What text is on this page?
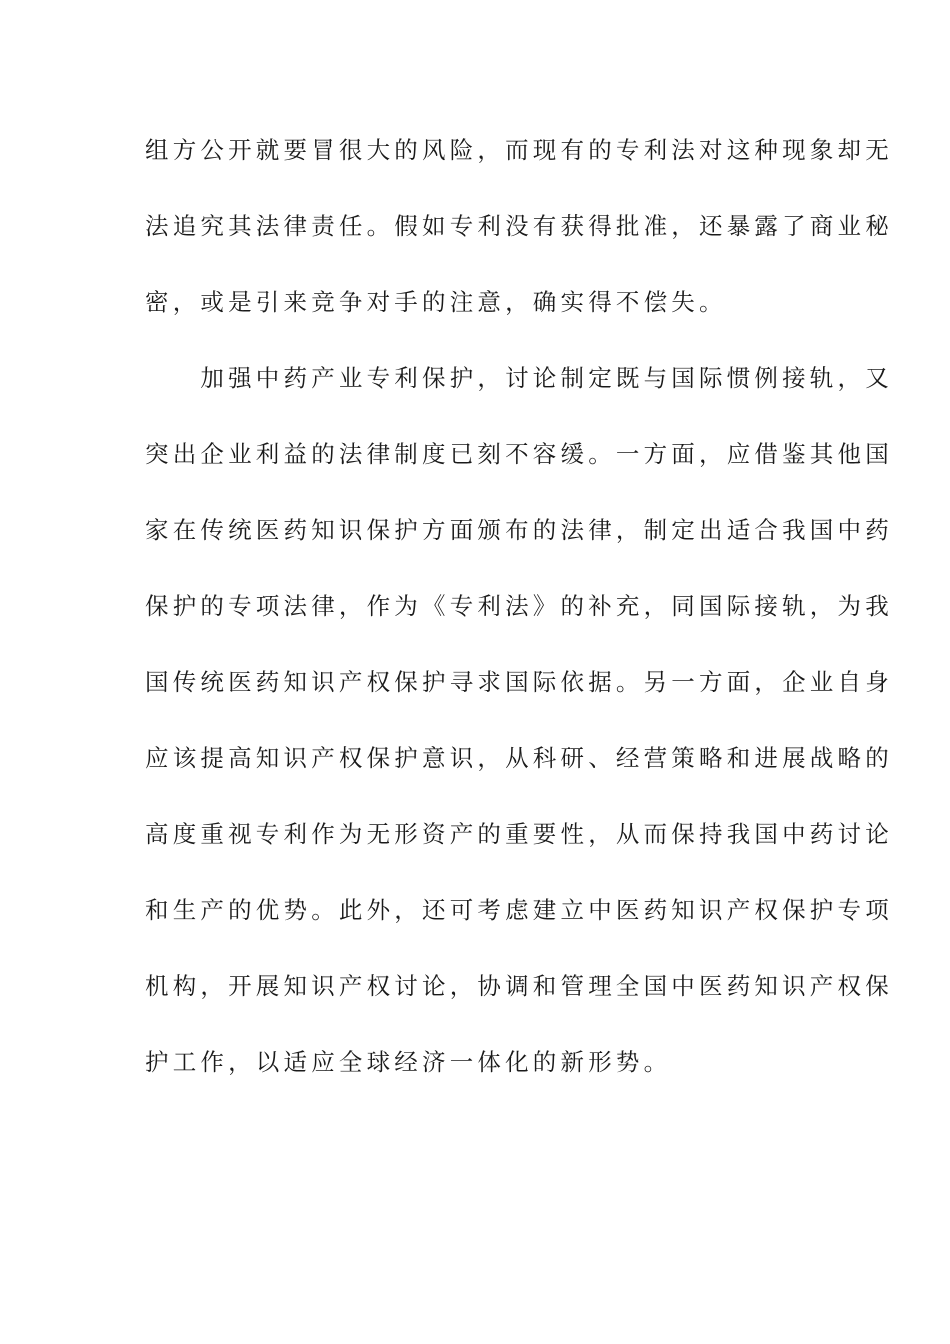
组方公开就要冒很大的风险，而现有的专利法对这种现象却无
法追究其法律责任。假如专利没有获得批准，还暴露了商业秘
密，或是引来竞争对手的注意，确实得不偿失。
　　加强中药产业专利保护，讨论制定既与国际惯例接轨，又
突出企业利益的法律制度已刻不容缓。一方面，应借鉴其他国
家在传统医药知识保护方面颁布的法律，制定出适合我国中药
保护的专项法律，作为《专利法》的补充，同国际接轨，为我
国传统医药知识产权保护寻求国际依据。另一方面，企业自身
应该提高知识产权保护意识，从科研、经营策略和进展战略的
高度重视专利作为无形资产的重要性，从而保持我国中药讨论
和生产的优势。此外，还可考虑建立中医药知识产权保护专项
机构，开展知识产权讨论，协调和管理全国中医药知识产权保
护工作，以适应全球经济一体化的新形势。
